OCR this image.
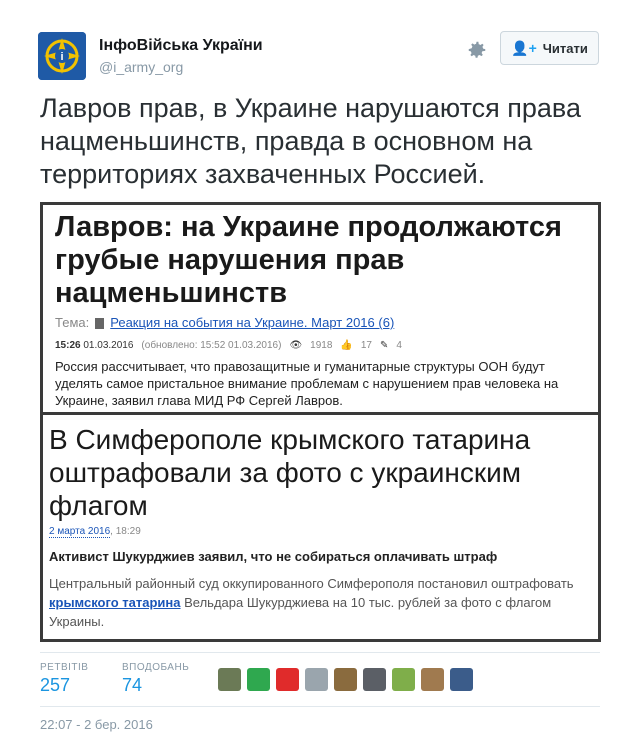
i
ІнфоВійська України
@i_army_org
👤+ Читати
Лавров прав, в Украине нарушаются права нацменьшинств, правда в основном на территориях захваченных Россией.
Лавров: на Украине продолжаются грубые нарушения прав нацменьшинств
Тема: Реакция на события на Украине. Март 2016 (6)
15:26 01.03.2016 (обновлено: 15:52 01.03.2016) 👁 1918 👍 17 ✎ 4
Россия рассчитывает, что правозащитные и гуманитарные структуры ООН будут уделять самое пристальное внимание проблемам с нарушением прав человека на Украине, заявил глава МИД РФ Сергей Лавров.
В Симферополе крымского татарина оштрафовали за фото с украинским флагом
2 марта 2016, 18:29
Активист Шукурджиев заявил, что не собираться оплачивать штраф
Центральный районный суд оккупированного Симферополя постановил оштрафовать крымского татарина Вельдара Шукурджиева на 10 тыс. рублей за фото с флагом Украины.
РЕТВІТІВ
257
ВПОДОБАНЬ
74
22:07 - 2 бер. 2016
